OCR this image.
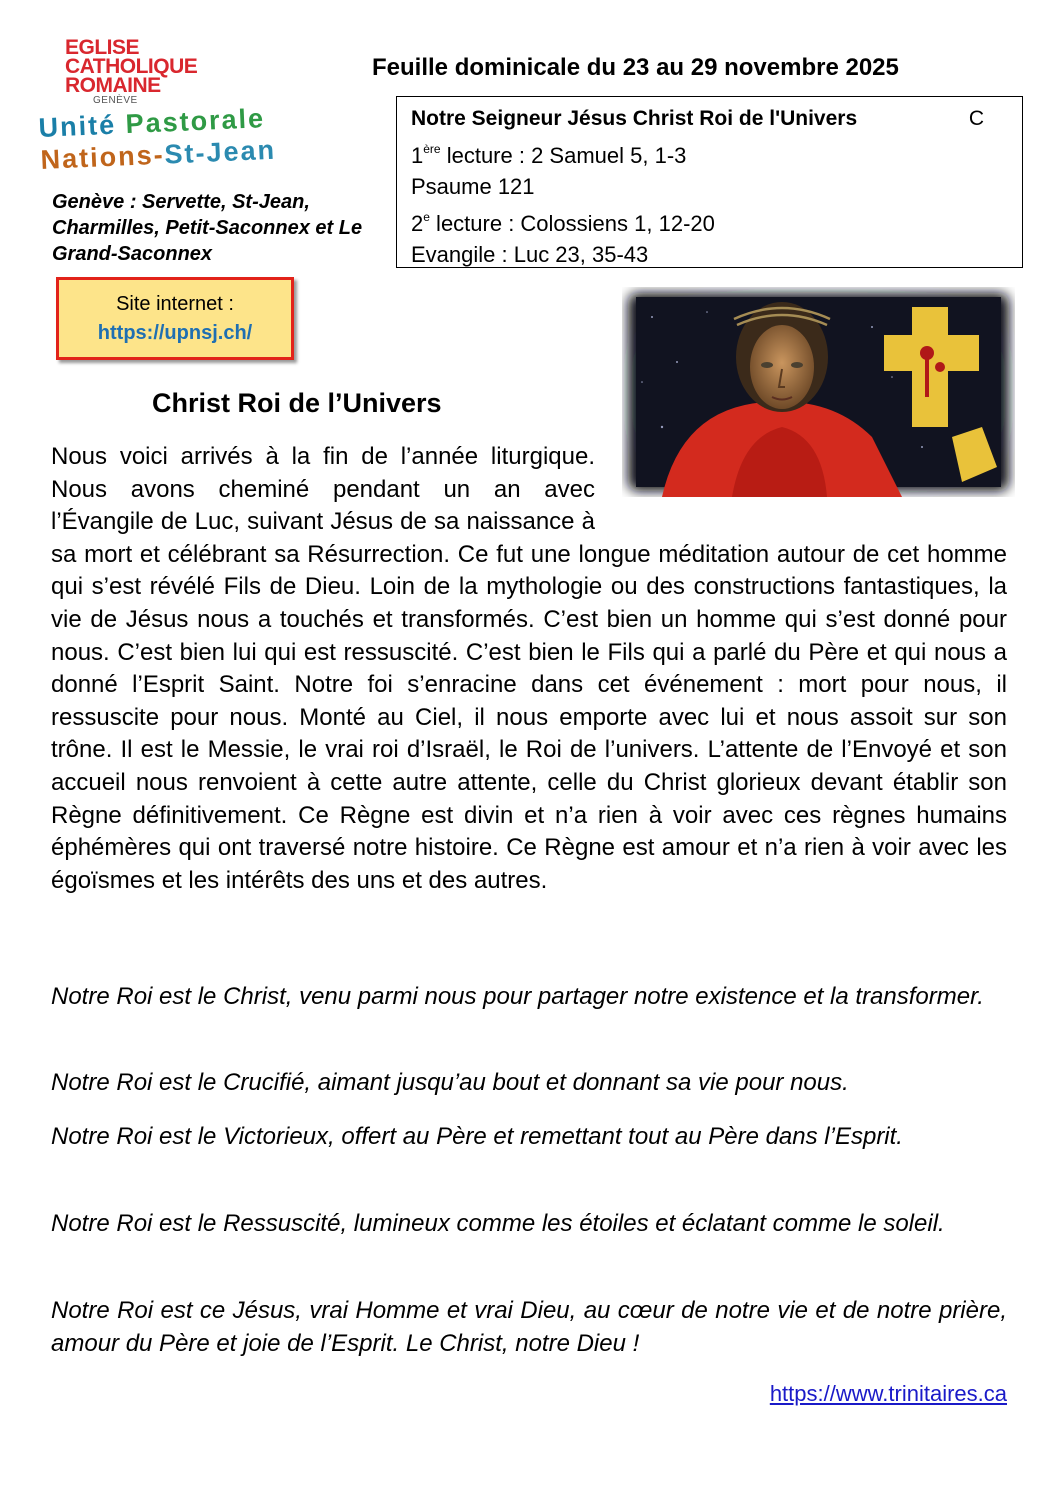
EGLISE
CATHOLIQUE
ROMAINE
GENÈVE
Unité Pastorale
Nations-St-Jean
Genève : Servette, St-Jean, Charmilles, Petit-Saconnex et Le Grand-Saconnex
Site internet :
https://upnsj.ch/
Feuille dominicale du 23 au 29 novembre 2025
Notre Seigneur Jésus Christ Roi de l'Univers	C
1ère lecture : 2 Samuel 5, 1-3
Psaume 121
2e lecture : Colossiens 1, 12-20
Evangile : Luc 23, 35-43
Christ Roi de l’Univers
Nous voici arrivés à la fin de l’année liturgique. Nous avons cheminé pendant un an avec l’Évangile de Luc, suivant Jésus de sa naissance à sa mort et célébrant sa Résurrection. Ce fut une longue méditation autour de cet homme qui s’est révélé Fils de Dieu. Loin de la mythologie ou des constructions fantastiques, la vie de Jésus nous a touchés et transformés. C’est bien un homme qui s’est donné pour nous. C’est bien lui qui est ressuscité. C’est bien le Fils qui a parlé du Père et qui nous a donné l’Esprit Saint. Notre foi s’enracine dans cet événement : mort pour nous, il ressuscite pour nous. Monté au Ciel, il nous emporte avec lui et nous assoit sur son trône. Il est le Messie, le vrai roi d’Israël, le Roi de l’univers. L’attente de l’Envoyé et son accueil nous renvoient à cette autre attente, celle du Christ glorieux devant établir son Règne définitivement. Ce Règne est divin et n’a rien à voir avec ces règnes humains éphémères qui ont traversé notre histoire. Ce Règne est amour et n’a rien à voir avec les égoïsmes et les intérêts des uns et des autres.
Notre Roi est le Christ, venu parmi nous pour partager notre existence et la transformer.
Notre Roi est le Crucifié, aimant jusqu’au bout et donnant sa vie pour nous.
Notre Roi est le Victorieux, offert au Père et remettant tout au Père dans l’Esprit.
Notre Roi est le Ressuscité, lumineux comme les étoiles et éclatant comme le soleil.
Notre Roi est ce Jésus, vrai Homme et vrai Dieu, au cœur de notre vie et de notre prière, amour du Père et joie de l’Esprit. Le Christ, notre Dieu !
https://www.trinitaires.ca
